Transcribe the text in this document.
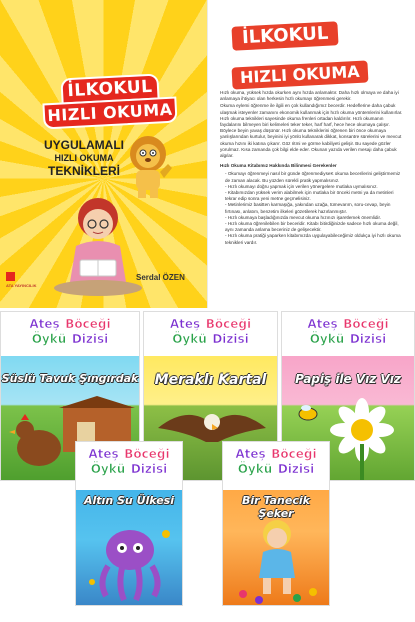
İLKOKUL
HIZLI OKUMA
UYGULAMALI
HIZLI OKUMA
TEKNİKLERİ
ATA YAYINCILIK
Serdal ÖZEN
İLKOKUL
HIZLI OKUMA

Hızlı okuma, yüksek hızda okurken aynı hızda anlamaktır. Daha hızlı olmaya ve daha iyi anlamaya ihtiyacı olan herkesin hızlı okumayı öğrenmesi gerekir.

Okuma eylemi öğrenme ile ilgili en çok kullandığımız becerdir. Hedeflerine daha çabuk ulaşmak isteyenler zamanını ekonomik kullanmak için hızlı okuma yöntemlerini kullanırlar. Hızlı okuma teknikleri sayesinde okuma frenleri ortadan kaldırılır. Hızlı okumanın faydalarını bilmeyen biri kelimeleri teker teker, harf harf, hece hece okumaya çalışır. Böylece beyin yavaş düşünür. Hızlı okuma tekniklerini öğrenen biri önce okumaya yanlışlarından kurtulur, beyinini iyi yönlü kullanarak dikkat, konsantre sürelerini ve mevcut okuma hızını iki katına çıkarır. Göz ritmi ve görme kabiliyeti gelişir. Bu sayede gözler yorulmaz. Kısa zamanda çok bilgi elde eder. Okunan yazıda verilen mesajı daha çabuk algılar.

Hızlı Okuma Kitabımız Hakkında Bilinmesi Gerekenler

- Okumayı öğrenmeyi nasıl bir günde öğrenmediyseK okuma becerilerini geliştirmemiz de zaman alacak. Bu yüzden sürekli pratik yapmalısınız.
- Hızlı okumayı doğru yapmak için verilen yönergelere mutlaka uymalısınız.
- Kitabımızdan yüksek verim alabilmek için mutlaka bir önceki metni ya da metinleri tekrar edip sonra yeni metne geçmelisiniz.
- Metinlerimiz basitten karmaşığa, yakından uzağa, tümevarım, soru-cevap, beyin fırtınası, anlatım, benzetim ilkeleri gözetilerek hazırlanmıştır.
- Hızlı okumaya başladığınızda mevcut okuma hızınızı işaretlemek önemlidir.
- Hızlı okuma öğrenilebilen bir beceridir. Kitabı bitirdiğinizde sadece hızlı okuma değil, aynı zamanda anlama beceriniz de gelişecektir.
- Hızlı okuma pratiği yaparken kitabımızda uygulayabileceğimiz oldukça iyi hızlı okuma teknikleri vardır.
Ateş Böceği
Öykü Dizisi
Süslü Tavuk Şıngırdak
Ateş Böceği
Öykü Dizisi
Meraklı Kartal
Ateş Böceği
Öykü Dizisi
Papiş ile Vız Vız
Ateş Böceği
Öykü Dizisi
Altın Su Ülkesi
Ateş Böceği
Öykü Dizisi
Bir Tanecik Şeker
